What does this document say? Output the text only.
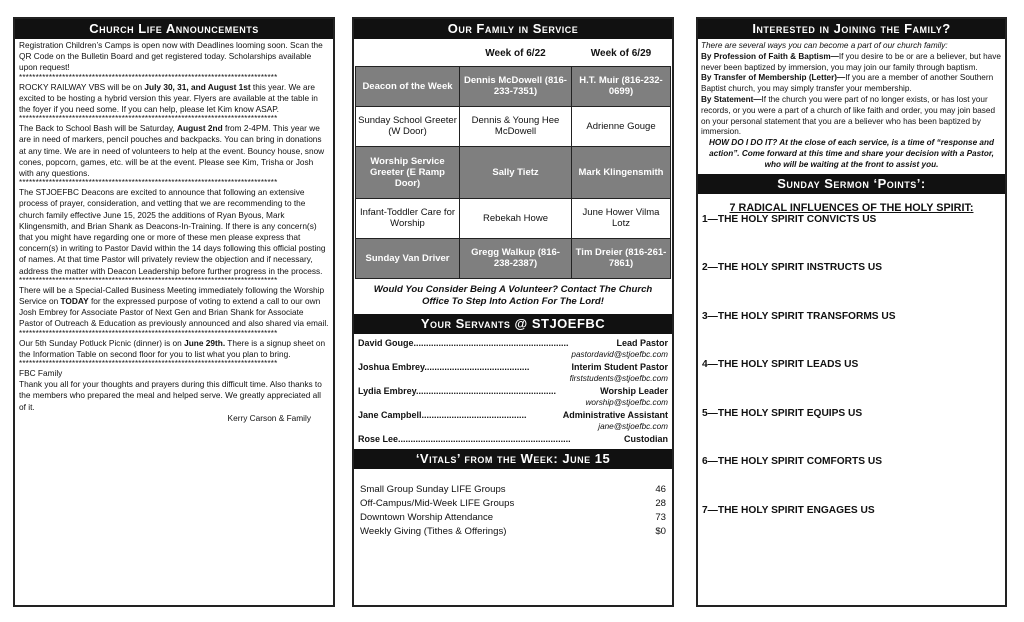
Church Life Announcements

Registration Children’s Camps is open now with Deadlines looming soon. Scan the QR Code on the Bulletin Board and get registered today. Scholarships available upon request!

******************************************************************************

ROCKY RAILWAY VBS will be on July 30, 31, and August 1st this year. We are excited to be hosting a hybrid version this year. Flyers are available at the table in the foyer if you need some. If you can help, please let Kim know ASAP.

******************************************************************************

The Back to School Bash will be Saturday, August 2nd from 2-4PM. This year we are in need of markers, pencil pouches and backpacks. You can bring in donations at any time. We are in need of volunteers to help at the event. Bouncy house, snow cones, popcorn, games, etc. will be at the event. Please see Kim, Trisha or Josh with any questions.

******************************************************************************

The STJOEFBC Deacons are excited to announce that following an extensive process of prayer, consideration, and vetting that we are recommending to the church family effective June 15, 2025 the additions of Ryan Byous, Mark Klingensmith, and Brian Shank as Deacons-In-Training. If there is any concern(s) that you might have regarding one or more of these men please express that concern(s) in writing to Pastor David within the 14 days following this official posting of names. At that time Pastor will privately review the objection and if necessary, address the matter with Deacon Leadership before further progress in the process.

******************************************************************************

There will be a Special-Called Business Meeting immediately following the Worship Service on TODAY for the expressed purpose of voting to extend a call to our own Josh Embrey for Associate Pastor of Next Gen and Brian Shank for Associate Pastor of Outreach & Education as previously announced and also shared via email.

******************************************************************************

Our 5th Sunday Potluck Picnic (dinner) is on June 29th. There is a signup sheet on the Information Table on second floor for you to list what you plan to bring.

******************************************************************************

FBC Family

Thank you all for your thoughts and prayers during this difficult time. Also thanks to the members who prepared the meal and helped serve. We greatly appreciated all of it.

Kerry Carson & Family

Our Family in Service
	Week of 6/22	Week of 6/29
Deacon of the Week	Dennis McDowell (816-233-7351)	H.T. Muir (816-232-0699)
Sunday School Greeter (W Door)	Dennis & Young Hee McDowell	Adrienne Gouge
Worship Service Greeter (E Ramp Door)	Sally Tietz	Mark Klingensmith
Infant-Toddler Care for Worship	Rebekah Howe	June Hower Vilma Lotz
Sunday Van Driver	Gregg Walkup (816-238-2387)	Tim Dreier (816-261-7861)
Would You Consider Being A Volunteer? Contact The Church Office To Step Into Action For The Lord!
Your Servants @ STJOEFBC
David Gouge..............................................................	Lead Pastor
pastordavid@stjoefbc.com
Joshua Embrey..........................................	Interim Student Pastor
firststudents@stjoefbc.com
Lydia Embrey........................................................	Worship Leader
worship@stjoefbc.com
Jane Campbell..........................................	Administrative Assistant
jane@stjoefbc.com
Rose Lee.....................................................................	Custodian
‘Vitals’ from the Week: June 15
Small Group Sunday LIFE Groups	46
Off-Campus/Mid-Week LIFE Groups	28
Downtown Worship Attendance	73
Weekly Giving (Tithes & Offerings)	$0
Interested in Joining the Family?

There are several ways you can become a part of our church family:

By Profession of Faith & Baptism—If you desire to be or are a believer, but have never been baptized by immersion, you may join our family through baptism.

By Transfer of Membership (Letter)—If you are a member of another Southern Baptist church, you may simply transfer your membership.

By Statement—If the church you were part of no longer exists, or has lost your records, or you were a part of a church of like faith and order, you may join based on your personal statement that you are a believer who has been baptized by immersion.

HOW DO I DO IT? At the close of each service, is a time of “response and action”. Come forward at this time and share your decision with a Pastor, who will be waiting at the front to assist you.

Sunday Sermon ‘Points’:
7 RADICAL INFLUENCES OF THE HOLY SPIRIT:
1—THE HOLY SPIRIT CONVICTS US
2—THE HOLY SPIRIT INSTRUCTS US
3—THE HOLY SPIRIT TRANSFORMS US
4—THE HOLY SPIRIT LEADS US
5—THE HOLY SPIRIT EQUIPS US
6—THE HOLY SPIRIT COMFORTS US
7—THE HOLY SPIRIT ENGAGES US
